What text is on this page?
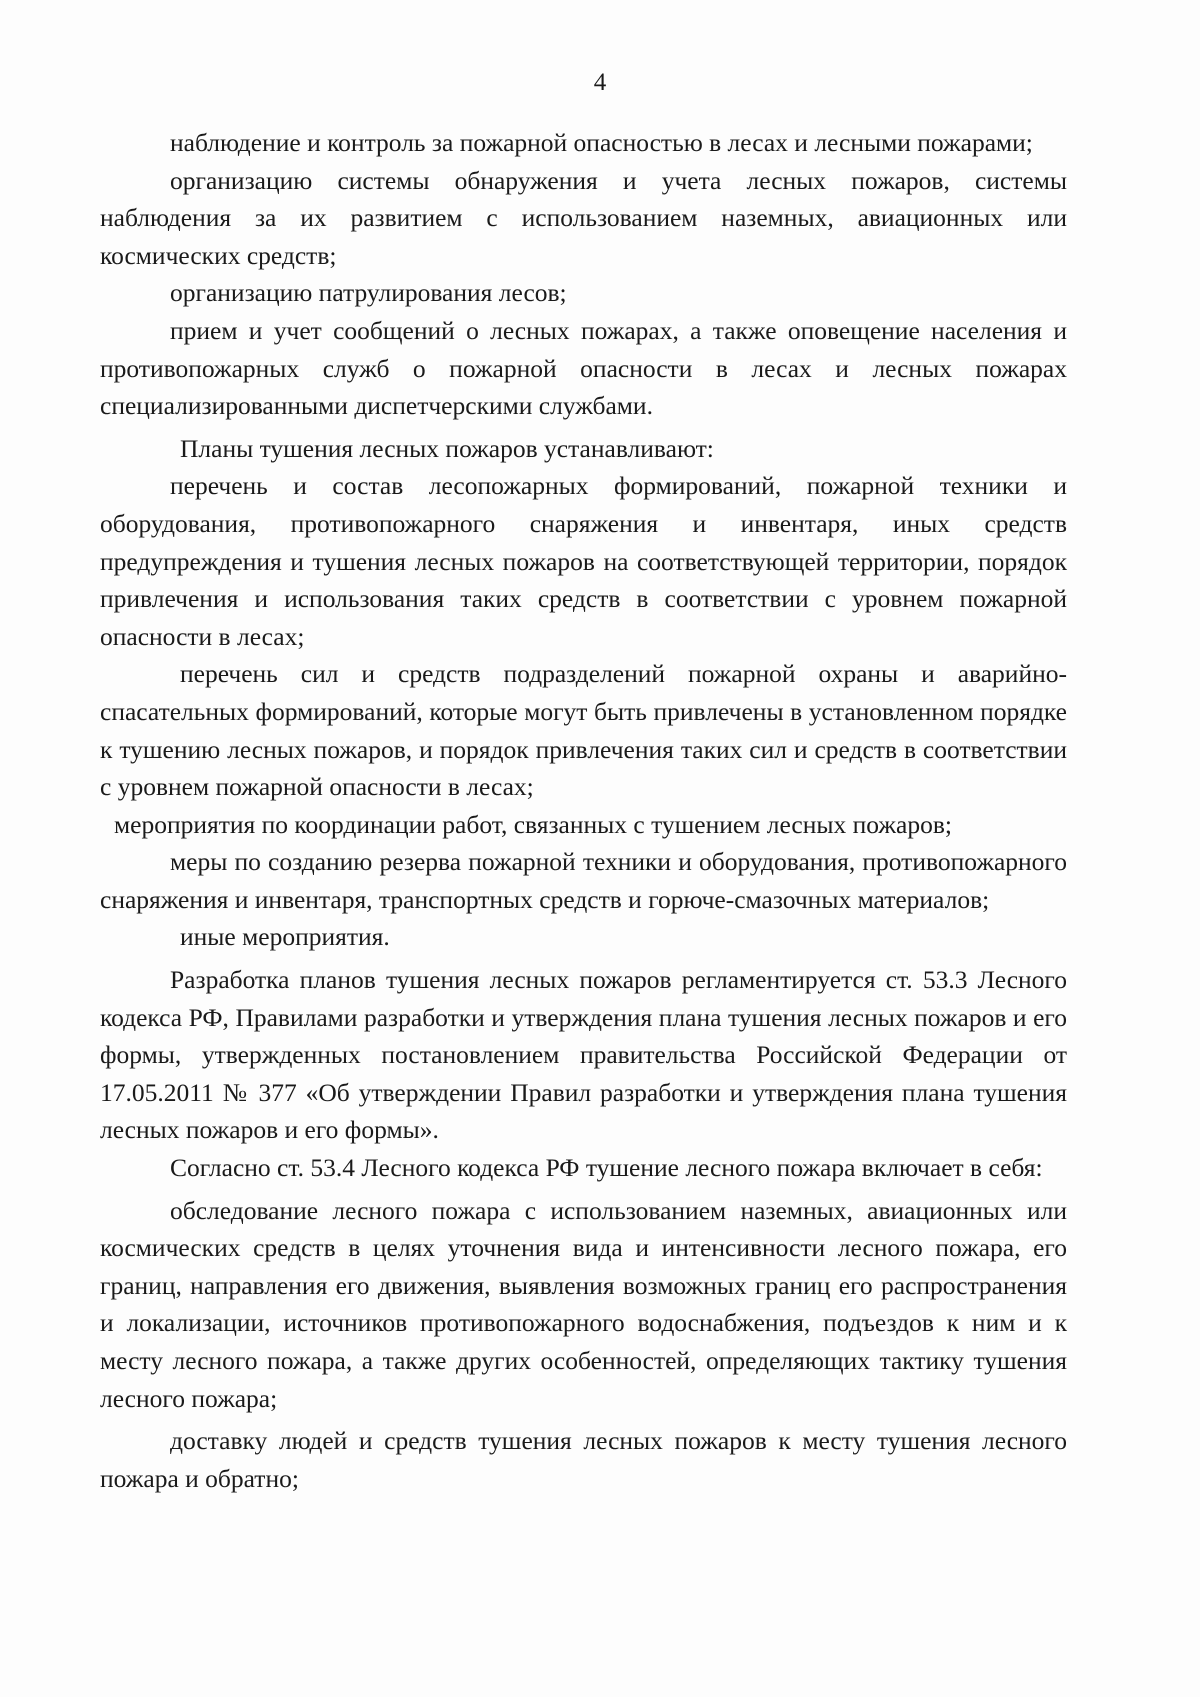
4

наблюдение и контроль за пожарной опасностью в лесах и лесными пожарами;

организацию системы обнаружения и учета лесных пожаров, системы наблюдения за их развитием с использованием наземных, авиационных или космических средств;

организацию патрулирования лесов;

прием и учет сообщений о лесных пожарах, а также оповещение населения и противопожарных служб о пожарной опасности в лесах и лесных пожарах специализированными диспетчерскими службами.

Планы тушения лесных пожаров устанавливают:

перечень и состав лесопожарных формирований, пожарной техники и оборудования, противопожарного снаряжения и инвентаря, иных средств предупреждения и тушения лесных пожаров на соответствующей территории, порядок привлечения и использования таких средств в соответствии с уровнем пожарной опасности в лесах;

перечень сил и средств подразделений пожарной охраны и аварийно-спасательных формирований, которые могут быть привлечены в установленном порядке к тушению лесных пожаров, и порядок привлечения таких сил и средств в соответствии с уровнем пожарной опасности в лесах;

мероприятия по координации работ, связанных с тушением лесных пожаров;

меры по созданию резерва пожарной техники и оборудования, противопожарного снаряжения и инвентаря, транспортных средств и горюче-смазочных материалов;

иные мероприятия.

Разработка планов тушения лесных пожаров регламентируется ст. 53.3 Лесного кодекса РФ, Правилами разработки и утверждения плана тушения лесных пожаров и его формы, утвержденных постановлением правительства Российской Федерации от 17.05.2011 № 377 «Об утверждении Правил разработки и утверждения плана тушения лесных пожаров и его формы».

Согласно ст. 53.4 Лесного кодекса РФ тушение лесного пожара включает в себя:

обследование лесного пожара с использованием наземных, авиационных или космических средств в целях уточнения вида и интенсивности лесного пожара, его границ, направления его движения, выявления возможных границ его распространения и локализации, источников противопожарного водоснабжения, подъездов к ним и к месту лесного пожара, а также других особенностей, определяющих тактику тушения лесного пожара;

доставку людей и средств тушения лесных пожаров к месту тушения лесного пожара и обратно;
